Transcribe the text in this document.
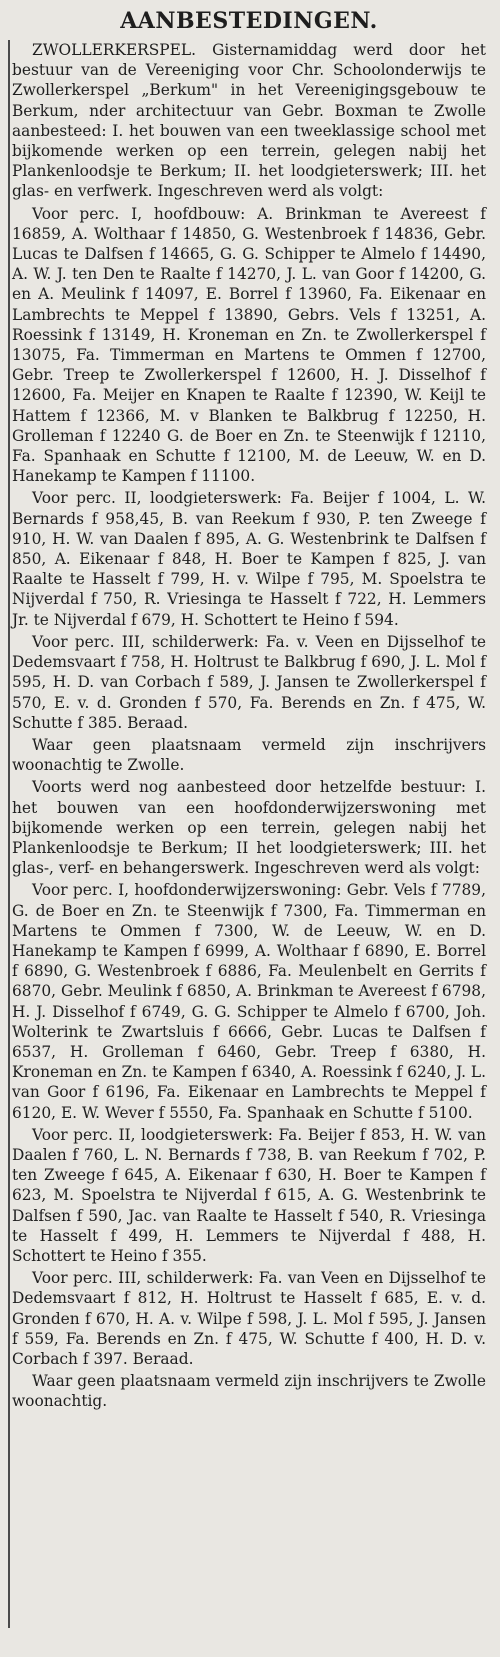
AANBESTEDINGEN.

ZWOLLERKERSPEL. Gisternamiddag werd door het bestuur van de Vereeniging voor Chr. Schoolonderwijs te Zwollerkerspel „Berkum" in het Vereenigingsgebouw te Berkum, nder architectuur van Gebr. Boxman te Zwolle aanbesteed: I. het bouwen van een tweeklassige school met bijkomende werken op een terrein, gelegen nabij het Plankenloodsje te Berkum; II. het loodgieterswerk; III. het glas- en verfwerk. Ingeschreven werd als volgt:

Voor perc. I, hoofdbouw: A. Brinkman te Avereest f 16859, A. Wolthaar f 14850, G. Westenbroek f 14836, Gebr. Lucas te Dalfsen f 14665, G. G. Schipper te Almelo f 14490, A. W. J. ten Den te Raalte f 14270, J. L. van Goor f 14200, G. en A. Meulink f 14097, E. Borrel f 13960, Fa. Eikenaar en Lambrechts te Meppel f 13890, Gebrs. Vels f 13251, A. Roessink f 13149, H. Kroneman en Zn. te Zwollerkerspel f 13075, Fa. Timmerman en Martens te Ommen f 12700, Gebr. Treep te Zwollerkerspel f 12600, H. J. Disselhof f 12600, Fa. Meijer en Knapen te Raalte f 12390, W. Keijl te Hattem f 12366, M. v Blanken te Balkbrug f 12250, H. Grolleman f 12240 G. de Boer en Zn. te Steenwijk f 12110, Fa. Spanhaak en Schutte f 12100, M. de Leeuw, W. en D. Hanekamp te Kampen f 11100.

Voor perc. II, loodgieterswerk: Fa. Beijer f 1004, L. W. Bernards f 958,45, B. van Reekum f 930, P. ten Zweege f 910, H. W. van Daalen f 895, A. G. Westenbrink te Dalfsen f 850, A. Eikenaar f 848, H. Boer te Kampen f 825, J. van Raalte te Hasselt f 799, H. v. Wilpe f 795, M. Spoelstra te Nijverdal f 750, R. Vriesinga te Hasselt f 722, H. Lemmers Jr. te Nijverdal f 679, H. Schottert te Heino f 594.

Voor perc. III, schilderwerk: Fa. v. Veen en Dijsselhof te Dedemsvaart f 758, H. Holtrust te Balkbrug f 690, J. L. Mol f 595, H. D. van Corbach f 589, J. Jansen te Zwollerkerspel f 570, E. v. d. Gronden f 570, Fa. Berends en Zn. f 475, W. Schutte f 385. Beraad.

Waar geen plaatsnaam vermeld zijn inschrijvers woonachtig te Zwolle.

Voorts werd nog aanbesteed door hetzelfde bestuur: I. het bouwen van een hoofdonderwijzerswoning met bijkomende werken op een terrein, gelegen nabij het Plankenloodsje te Berkum; II het loodgieterswerk; III. het glas-, verf- en behangerswerk. Ingeschreven werd als volgt:

Voor perc. I, hoofdonderwijzerswoning: Gebr. Vels f 7789, G. de Boer en Zn. te Steenwijk f 7300, Fa. Timmerman en Martens te Ommen f 7300, W. de Leeuw, W. en D. Hanekamp te Kampen f 6999, A. Wolthaar f 6890, E. Borrel f 6890, G. Westenbroek f 6886, Fa. Meulenbelt en Gerrits f 6870, Gebr. Meulink f 6850, A. Brinkman te Avereest f 6798, H. J. Disselhof f 6749, G. G. Schipper te Almelo f 6700, Joh. Wolterink te Zwartsluis f 6666, Gebr. Lucas te Dalfsen f 6537, H. Grolleman f 6460, Gebr. Treep f 6380, H. Kroneman en Zn. te Kampen f 6340, A. Roessink f 6240, J. L. van Goor f 6196, Fa. Eikenaar en Lambrechts te Meppel f 6120, E. W. Wever f 5550, Fa. Spanhaak en Schutte f 5100.

Voor perc. II, loodgieterswerk: Fa. Beijer f 853, H. W. van Daalen f 760, L. N. Bernards f 738, B. van Reekum f 702, P. ten Zweege f 645, A. Eikenaar f 630, H. Boer te Kampen f 623, M. Spoelstra te Nijverdal f 615, A. G. Westenbrink te Dalfsen f 590, Jac. van Raalte te Hasselt f 540, R. Vriesinga te Hasselt f 499, H. Lemmers te Nijverdal f 488, H. Schottert te Heino f 355.

Voor perc. III, schilderwerk: Fa. van Veen en Dijsselhof te Dedemsvaart f 812, H. Holtrust te Hasselt f 685, E. v. d. Gronden f 670, H. A. v. Wilpe f 598, J. L. Mol f 595, J. Jansen f 559, Fa. Berends en Zn. f 475, W. Schutte f 400, H. D. v. Corbach f 397. Beraad.

Waar geen plaatsnaam vermeld zijn inschrijvers te Zwolle woonachtig.
